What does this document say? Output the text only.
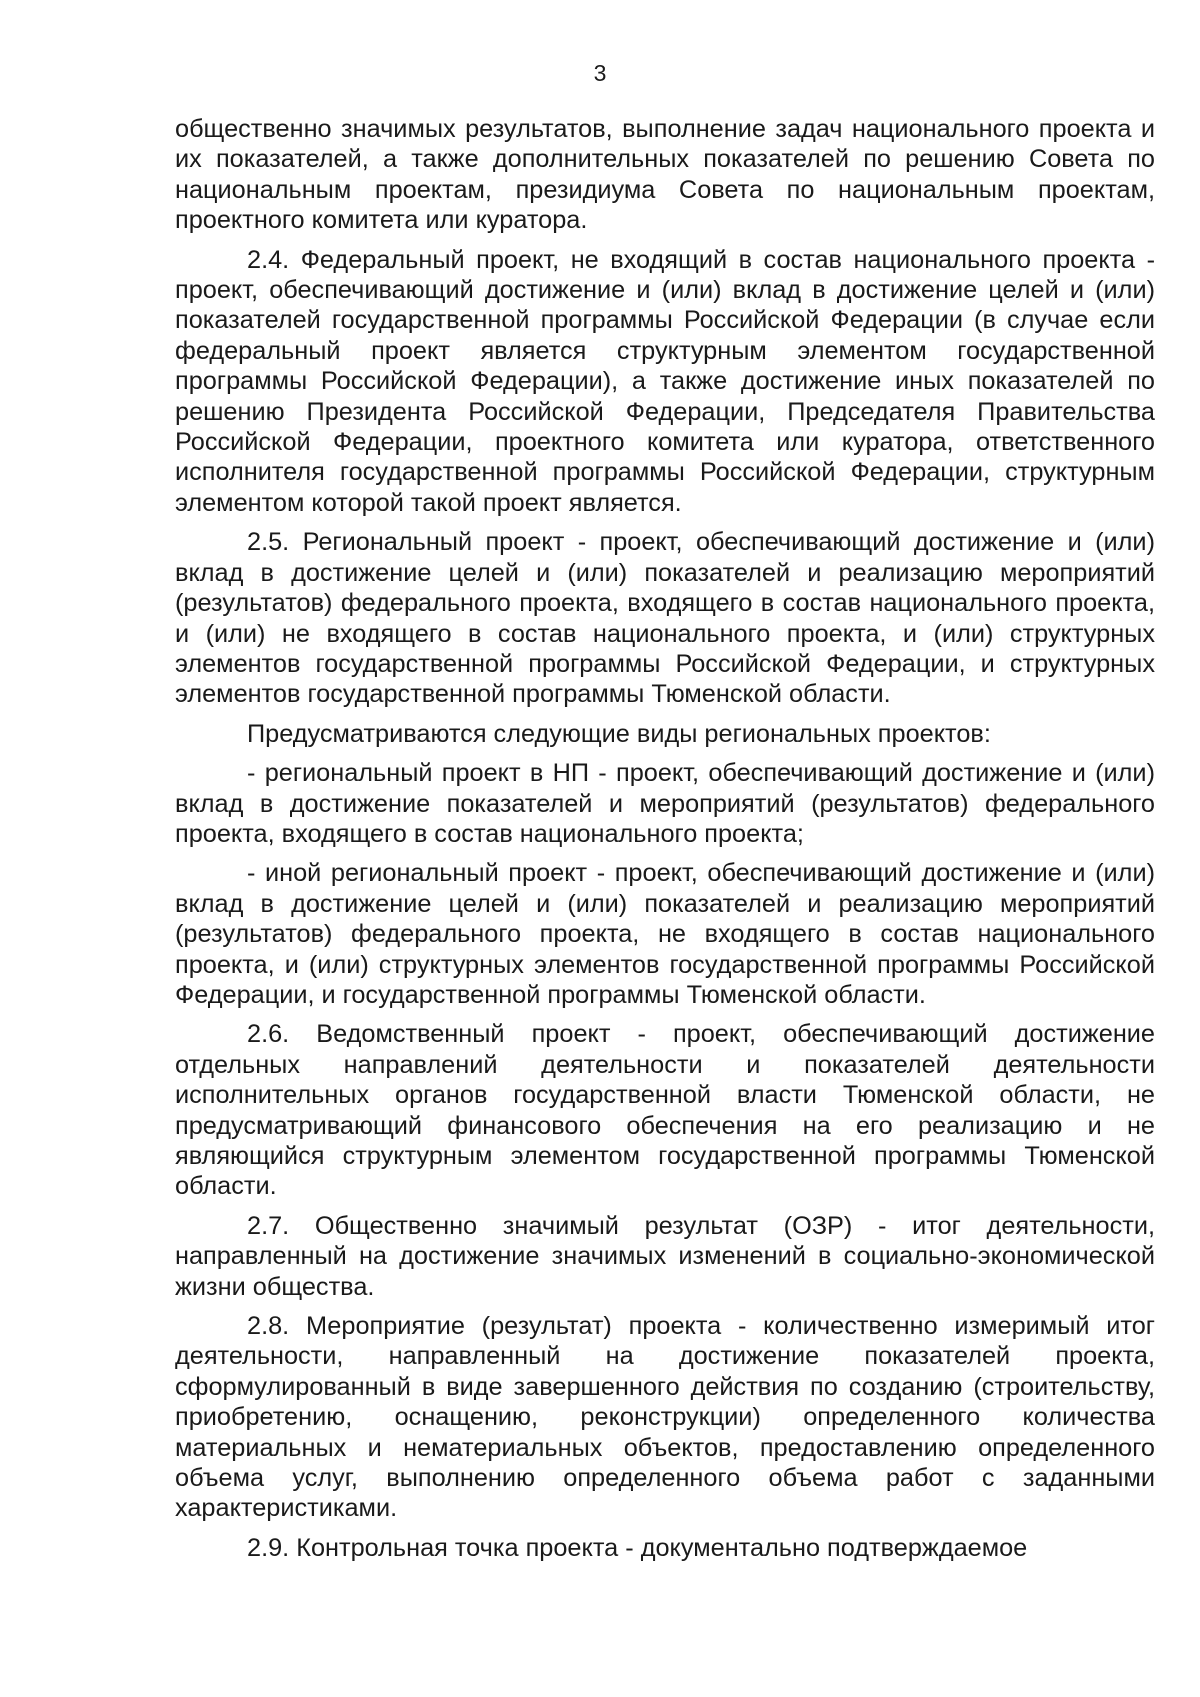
3

общественно значимых результатов, выполнение задач национального проекта и их показателей, а также дополнительных показателей по решению Совета по национальным проектам, президиума Совета по национальным проектам, проектного комитета или куратора.

2.4. Федеральный проект, не входящий в состав национального проекта - проект, обеспечивающий достижение и (или) вклад в достижение целей и (или) показателей государственной программы Российской Федерации (в случае если федеральный проект является структурным элементом государственной программы Российской Федерации), а также достижение иных показателей по решению Президента Российской Федерации, Председателя Правительства Российской Федерации, проектного комитета или куратора, ответственного исполнителя государственной программы Российской Федерации, структурным элементом которой такой проект является.

2.5. Региональный проект - проект, обеспечивающий достижение и (или) вклад в достижение целей и (или) показателей и реализацию мероприятий (результатов) федерального проекта, входящего в состав национального проекта, и (или) не входящего в состав национального проекта, и (или) структурных элементов государственной программы Российской Федерации, и структурных элементов государственной программы Тюменской области.

Предусматриваются следующие виды региональных проектов:

- региональный проект в НП - проект, обеспечивающий достижение и (или) вклад в достижение показателей и мероприятий (результатов) федерального проекта, входящего в состав национального проекта;

- иной региональный проект - проект, обеспечивающий достижение и (или) вклад в достижение целей и (или) показателей и реализацию мероприятий (результатов) федерального проекта, не входящего в состав национального проекта, и (или) структурных элементов государственной программы Российской Федерации, и государственной программы Тюменской области.

2.6. Ведомственный проект - проект, обеспечивающий достижение отдельных направлений деятельности и показателей деятельности исполнительных органов государственной власти Тюменской области, не предусматривающий финансового обеспечения на его реализацию и не являющийся структурным элементом государственной программы Тюменской области.

2.7. Общественно значимый результат (ОЗР) - итог деятельности, направленный на достижение значимых изменений в социально-экономической жизни общества.

2.8. Мероприятие (результат) проекта - количественно измеримый итог деятельности, направленный на достижение показателей проекта, сформулированный в виде завершенного действия по созданию (строительству, приобретению, оснащению, реконструкции) определенного количества материальных и нематериальных объектов, предоставлению определенного объема услуг, выполнению определенного объема работ с заданными характеристиками.

2.9. Контрольная точка проекта - документально подтверждаемое
